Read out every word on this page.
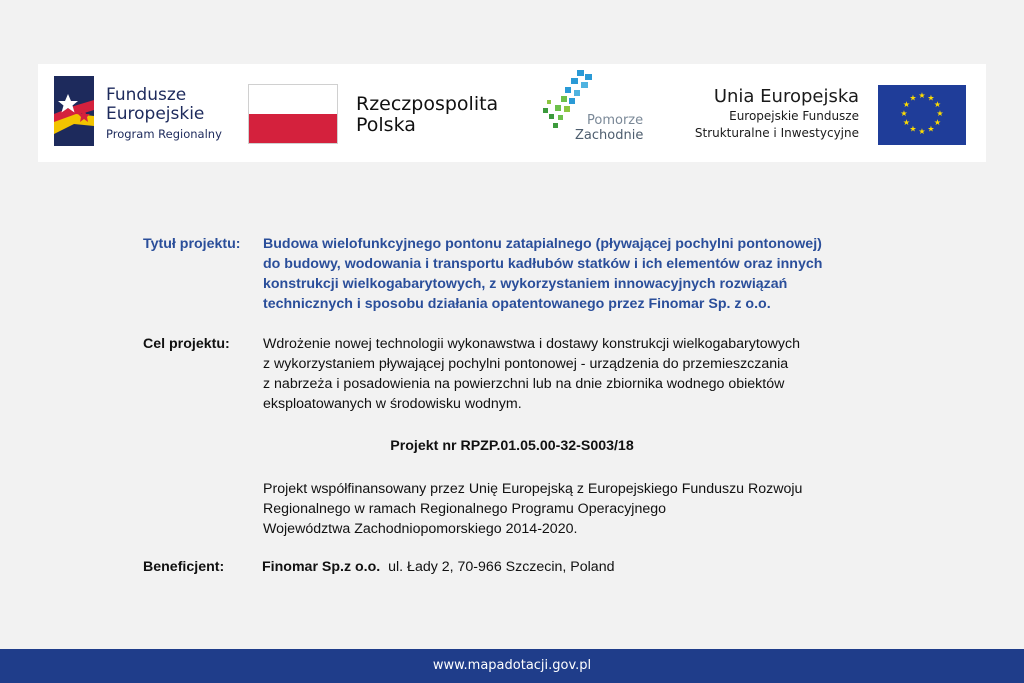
Fundusze
Europejskie
Program Regionalny
Rzeczpospolita
Polska	Pomorze
Zachodnie
Unia Europejska
Europejskie Fundusze
Strukturalne i Inwestycyjne
★ ★
★
★
★
★
★
★
★
★
★
★
Tytuł projektu: Budowa wielofunkcyjnego pontonu zatapialnego (pływającej pochylni pontonowej)
do budowy, wodowania i transportu kadłubów statków i ich elementów oraz innych
konstrukcji wielkogabarytowych, z wykorzystaniem innowacyjnych rozwiązań
technicznych i sposobu działania opatentowanego przez Finomar Sp. z o.o.
Cel projektu: Wdrożenie nowej technologii wykonawstwa i dostawy konstrukcji wielkogabarytowych
z wykorzystaniem pływającej pochylni pontonowej - urządzenia do przemieszczania
z nabrzeża i posadowienia na powierzchni lub na dnie zbiornika wodnego obiektów
eksploatowanych w środowisku wodnym.
Projekt nr RPZP.01.05.00-32-S003/18
Projekt współfinansowany przez Unię Europejską z Europejskiego Funduszu Rozwoju
Regionalnego w ramach Regionalnego Programu Operacyjnego
Województwa Zachodniopomorskiego 2014-2020.
Beneficjent:	Finomar Sp.z o.o. ul. Łady 2, 70-966 Szczecin, Poland
www.mapadotacji.gov.pl
